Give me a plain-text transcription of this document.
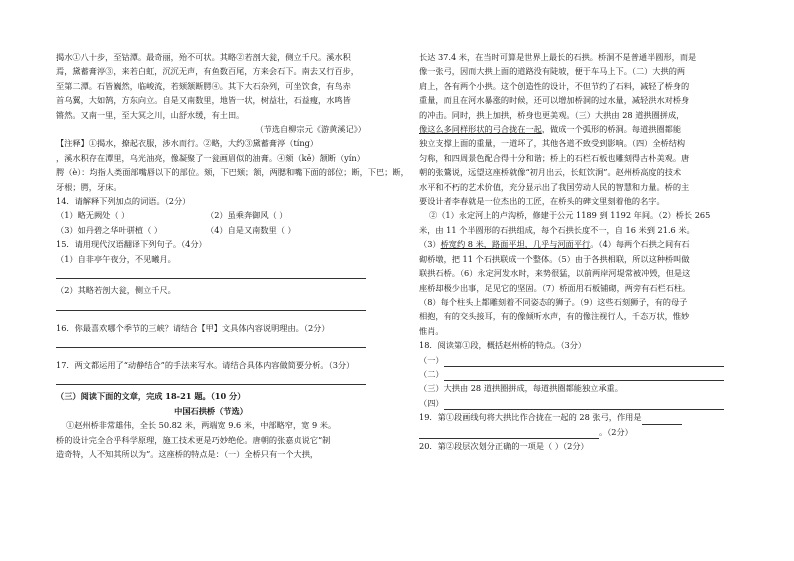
揭水①八十步，至钴潭。最奇丽，殆不可状。其略②若剖大瓮，侧立千尺。溪水积
焉，黛蓄膏渟③，来若白虹，沉沉无声，有鱼数百尾，方来会石下。南去又行百步，
至第二潭。石皆巍然，临峻流，若颏颔断腭④。其下大石杂列，可坐饮食，有鸟赤
首乌翼，大如鹄，方东向立。自是又南数里，地皆一状，树益壮，石益瘦，水鸣皆
锵然。又南一里，至大冥之川，山舒水缓，有土田。
（节选自柳宗元《游黄溪记》）
【注释】①揭水，撩起衣服，涉水而行。②略，大约③黛蓄膏渟（tíng）
，溪水积存在潭里，乌光油亮，像凝聚了一瓮画眉似的油膏。④颏（kē）颔断（yín）
腭（è）：均指人类面部嘴唇以下的部位。颏，下巴颏；颔，两腮和嘴下面的部位；断，下巴；断，
牙根；腭，牙床。
14．请解释下列加点的词语。（2分）
（1）略无阙处（ ）	（2）虽乘奔御风（ ）
（3）如丹碧之华叶骈植（ ）	（4）自是又南数里（ ）
15．请用现代汉语翻译下列句子。（4分）
（1）自非亭午夜分，不见曦月。
（2）其略若剖大瓮，侧立千尺。
16．你最喜欢哪个季节的三峡？请结合【甲】文具体内容说明理由。（2分）
17．两文都运用了“动静结合”的手法来写水。请结合具体内容做简要分析。（3分）
（三）阅读下面的文章，完成 18-21 题。（10 分）
中国石拱桥（节选）
①赵州桥非常雄伟，全长 50.82 米，两端宽 9.6 米，中部略窄，宽 9 米。
桥的设计完全合乎科学原理，施工技术更是巧妙绝伦。唐朝的张嘉贞说它“制
造奇特，人不知其所以为”。这座桥的特点是：（一）全桥只有一个大拱，
长达 37.4 米，在当时可算是世界上最长的石拱。桥洞不是普通半圆形，而是
像一张弓，因而大拱上面的道路没有陡坡，便于车马上下。（二）大拱的两
肩上，各有两个小拱。这个创造性的设计，不但节约了石料，减轻了桥身的
重量，而且在河水暴涨的时候，还可以增加桥洞的过水量，减轻洪水对桥身
的冲击。同时，拱上加拱，桥身也更美观。（三）大拱由 28 道拱圈拼成，
像这么多同样形状的弓合拢在一起，做成一个弧形的桥洞。每道拱圈都能
独立支撑上面的重量，一道坏了，其他各道不致受到影响。（四）全桥结构
匀称，和四周景色配合得十分和谐；桥上的石栏石板也雕刻得古朴美观。唐
朝的张鷟说，远望这座桥就像“初月出云，长虹饮涧”。赵州桥高度的技术
水平和不朽的艺术价值，充分显示出了我国劳动人民的智慧和力量。桥的主
要设计者李春就是一位杰出的工匠，在桥头的碑文里刻着他的名字。
②（1）永定河上的卢沟桥，修建于公元 1189 到 1192 年间。（2）桥长 265
米，由 11 个半圆形的石拱组成，每个石拱长度不一，自 16 米到 21.6 米。
（3）桥宽约 8 米，路面平坦，几乎与河面平行。（4）每两个石拱之间有石
砌桥墩，把 11 个石拱联成一个整体。（5）由于各拱相联，所以这种桥叫做
联拱石桥。（6）永定河发水时，来势很猛，以前两岸河堤常被冲毁，但是这
座桥却极少出事，足见它的坚固。（7）桥面用石板铺砌，两旁有石栏石柱。
（8）每个柱头上都雕刻着不同姿态的狮子。（9）这些石刻狮子，有的母子
相抱，有的交头接耳，有的像倾听水声，有的像注视行人，千态万状，惟妙
惟肖。
18．阅读第①段，概括赵州桥的特点。（3分）
（一）
（二）
（三）大拱由 28 道拱圈拼成，每道拱圈都能独立承重。
（四）
19．第①段画线句将大拱比作合拢在一起的 28 张弓，作用是
。（2分）
20．第②段层次划分正确的一项是（ ）（2分）
